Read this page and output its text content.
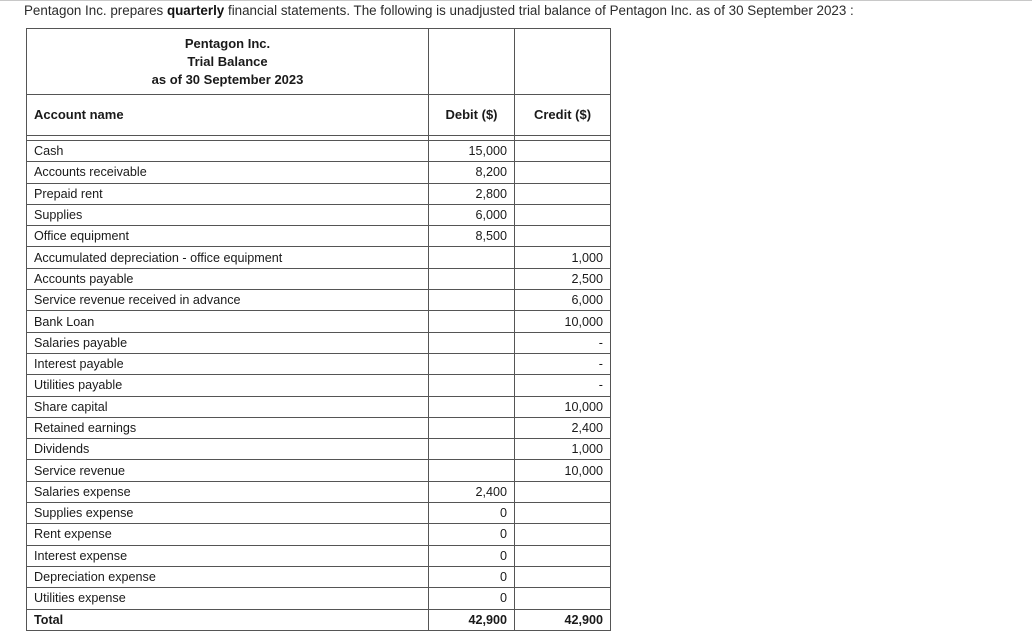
Pentagon Inc. prepares quarterly financial statements. The following is unadjusted trial balance of Pentagon Inc. as of 30 September 2023 :
Pentagon Inc.
Trial Balance
as of 30 September 2023		

Account name	Debit ($)	Credit ($)

Cash	15,000	
Accounts receivable	8,200	
Prepaid rent	2,800	
Supplies	6,000	
Office equipment	8,500	
Accumulated depreciation - office equipment		1,000
Accounts payable		2,500
Service revenue received in advance		6,000
Bank Loan		10,000
Salaries payable		-
Interest payable		-
Utilities payable		-
Share capital		10,000
Retained earnings		2,400
Dividends		1,000
Service revenue		10,000
Salaries expense	2,400	
Supplies expense	0	
Rent expense	0	
Interest expense	0	
Depreciation expense	0	
Utilities expense	0	
Total	42,900	42,900
